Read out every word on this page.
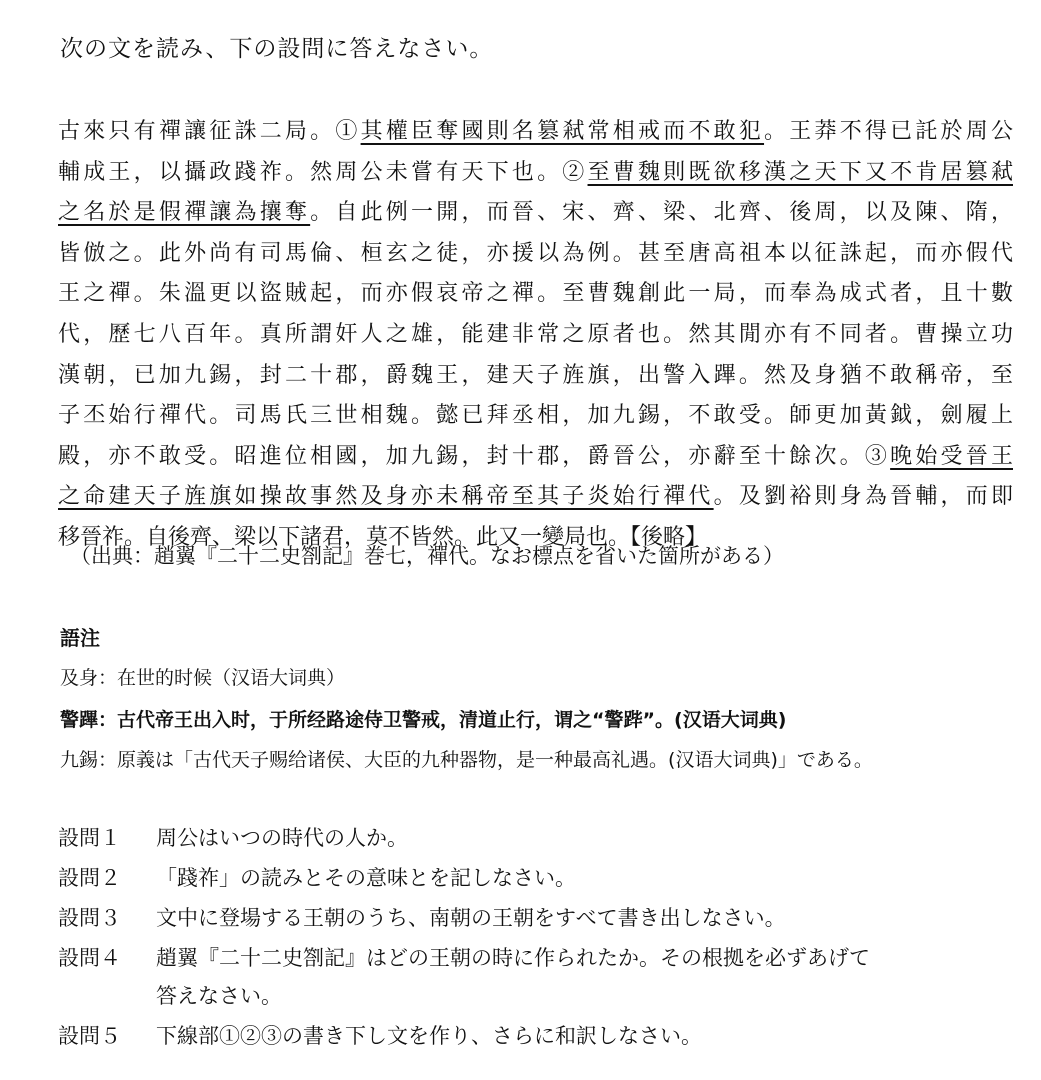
次の文を読み、下の設問に答えなさい。
古來只有禪讓征誅二局。①其權臣奪國則名篡弒常相戒而不敢犯。王莽不得已託於周公
輔成王，以攝政踐祚。然周公未嘗有天下也。②至曹魏則既欲移漢之天下又不肯居篡弒
之名於是假禪讓為攘奪。自此例一開，而晉、宋、齊、梁、北齊、後周，以及陳、隋，
皆倣之。此外尚有司馬倫、桓玄之徒，亦援以為例。甚至唐高祖本以征誅起，而亦假代
王之禪。朱溫更以盜賊起，而亦假哀帝之禪。至曹魏創此一局，而奉為成式者，且十數
代，歷七八百年。真所謂奸人之雄，能建非常之原者也。然其閒亦有不同者。曹操立功
漢朝，已加九錫，封二十郡，爵魏王，建天子旌旗，出警入蹕。然及身猶不敢稱帝，至
子丕始行禪代。司馬氏三世相魏。懿已拜丞相，加九錫，不敢受。師更加黃鉞，劍履上
殿，亦不敢受。昭進位相國，加九錫，封十郡，爵晉公，亦辭至十餘次。③晚始受晉王
之命建天子旌旗如操故事然及身亦未稱帝至其子炎始行禪代。及劉裕則身為晉輔，而即
移晉祚。自後齊、梁以下諸君，莫不皆然。此又一變局也。【後略】
（出典：趙翼『二十二史劄記』巻七，禪代。なお標点を省いた箇所がある）
語注
及身：在世的时候（汉语大词典）
警蹕：古代帝王出入时，于所经路途侍卫警戒，清道止行，谓之“警跸”。(汉语大词典)
九錫：原義は「古代天子赐给诸侯、大臣的九种器物，是一种最高礼遇。(汉语大词典)」である。
設問１ 周公はいつの時代の人か。
設問２ 「踐祚」の読みとその意味とを記しなさい。
設問３ 文中に登場する王朝のうち、南朝の王朝をすべて書き出しなさい。
設問４ 趙翼『二十二史劄記』はどの王朝の時に作られたか。その根拠を必ずあげて
答えなさい。
設問５ 下線部①②③の書き下し文を作り、さらに和訳しなさい。
